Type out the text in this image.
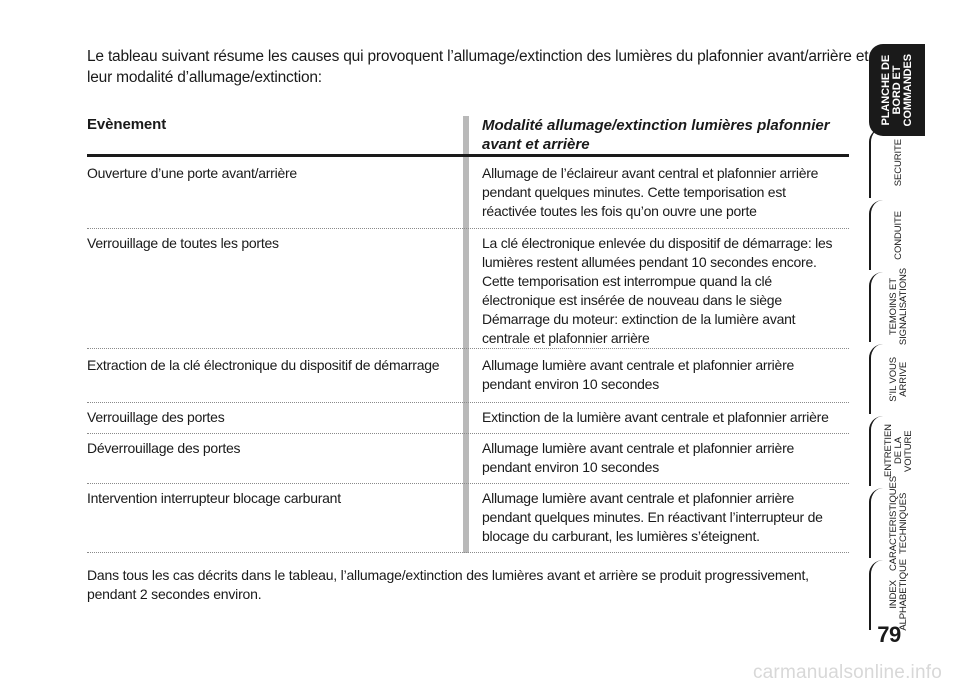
Le tableau suivant résume les causes qui provoquent l’allumage/extinction des lumières du plafonnier avant/arrière et leur modalité d’allumage/extinction:
Evènement	Modalité allumage/extinction lumières plafonnier avant et arrière
Ouverture d’une porte avant/arrière	Allumage de l’éclaireur avant central et plafonnier arrière pendant quelques minutes. Cette temporisation est réactivée toutes les fois qu’on ouvre une porte
Verrouillage de toutes les portes	La clé électronique enlevée du dispositif de démarrage: les lumières restent allumées pendant 10 secondes encore.
Cette temporisation est interrompue quand la clé électronique est insérée de nouveau dans le siège
Démarrage du moteur: extinction de la lumière avant centrale et plafonnier arrière
Extraction de la clé électronique du dispositif de démarrage	Allumage lumière avant centrale et plafonnier arrière pendant environ 10 secondes
Verrouillage des portes	Extinction de la lumière avant centrale et plafonnier arrière
Déverrouillage des portes	Allumage lumière avant centrale et plafonnier arrière pendant environ 10 secondes
Intervention interrupteur blocage carburant	Allumage lumière avant centrale et plafonnier arrière pendant quelques minutes. En réactivant l’interrupteur de blocage du carburant, les lumières s’éteignent.
Dans tous les cas décrits dans le tableau, l’allumage/extinction des lumières avant et arrière se produit progressivement, pendant 2 secondes environ.
PLANCHE DE
BORD ET
COMMANDES
SECURITE
CONDUITE
TEMOINS ET
SIGNALISATIONS
S’IL VOUS
ARRIVE
ENTRETIEN
DE LA VOITURE
CARACTERISTIQUES
TECHNIQUES
INDEX
ALPHABETIQUE
79
carmanualsonline.info
